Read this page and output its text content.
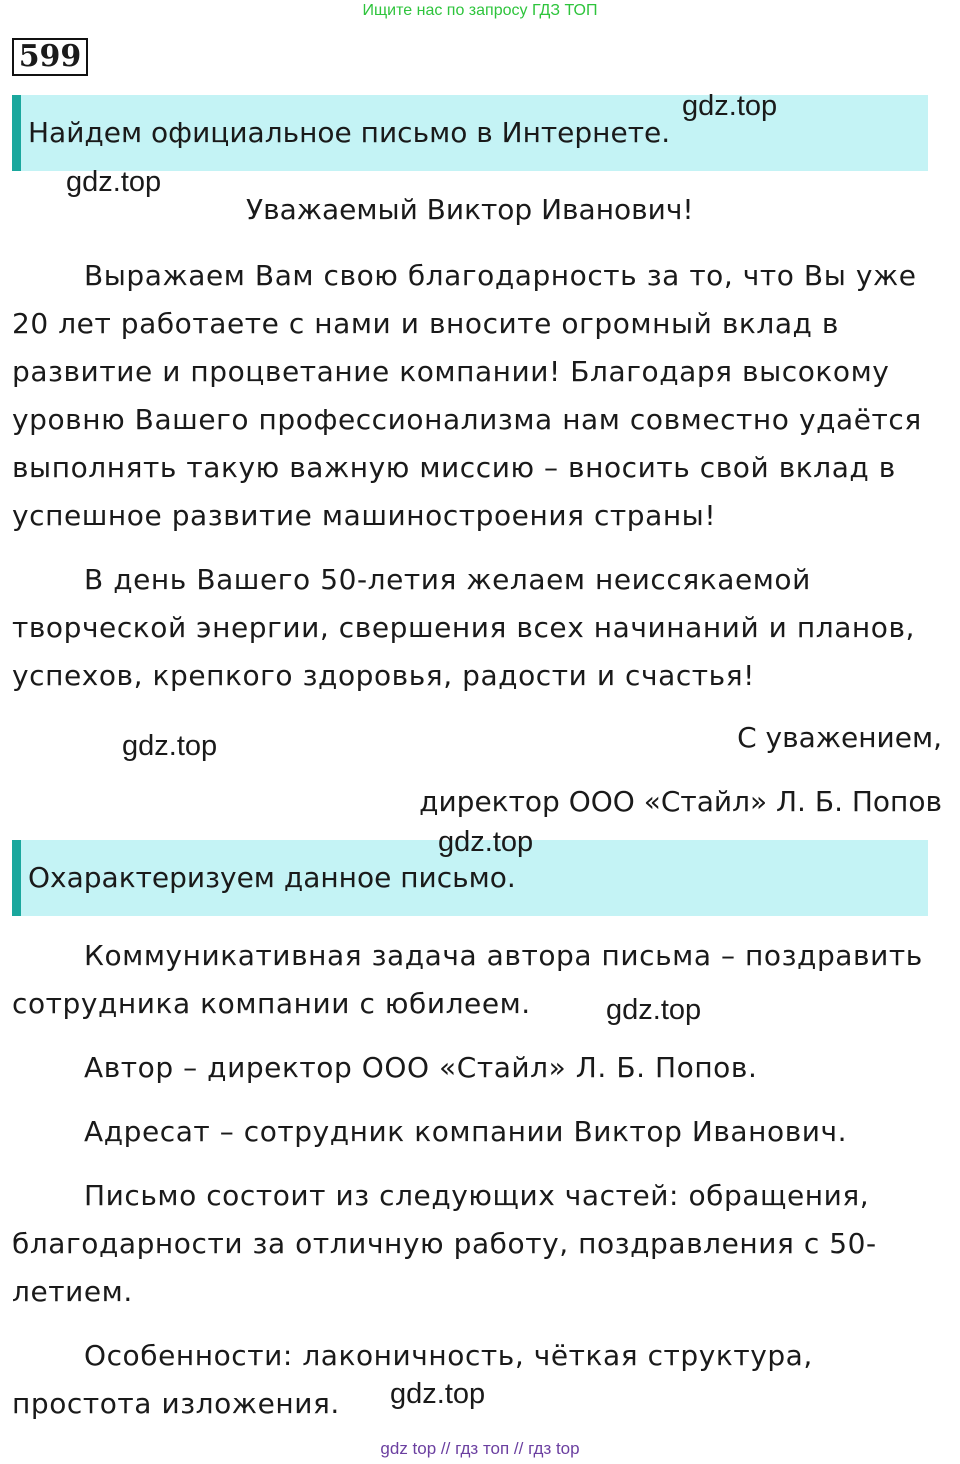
Ищите нас по запросу ГДЗ ТОП
599
Найдем официальное письмо в Интернете.
Уважаемый Виктор Иванович!

Выражаем Вам свою благодарность за то, что Вы уже 20 лет работаете с нами и вносите огромный вклад в развитие и процветание компании! Благодаря высокому уровню Вашего профессионализма нам совместно удаётся выполнять такую важную миссию – вносить свой вклад в успешное развитие машиностроения страны!

В день Вашего 50-летия желаем неиссякаемой творческой энергии, свершения всех начинаний и планов, успехов, крепкого здоровья, радости и счастья!

С уважением,
директор ООО «Стайл» Л. Б. Попов
Охарактеризуем данное письмо.

Коммуникативная задача автора письма – поздравить сотрудника компании с юбилеем.

Автор – директор ООО «Стайл» Л. Б. Попов.

Адресат – сотрудник компании Виктор Иванович.

Письмо состоит из следующих частей: обращения, благодарности за отличную работу, поздравления с 50-летием.

Особенности: лаконичность, чёткая структура, простота изложения.

gdz.top
gdz.top
gdz.top
gdz.top
gdz.top
gdz.top
gdz top // гдз топ // гдз top
